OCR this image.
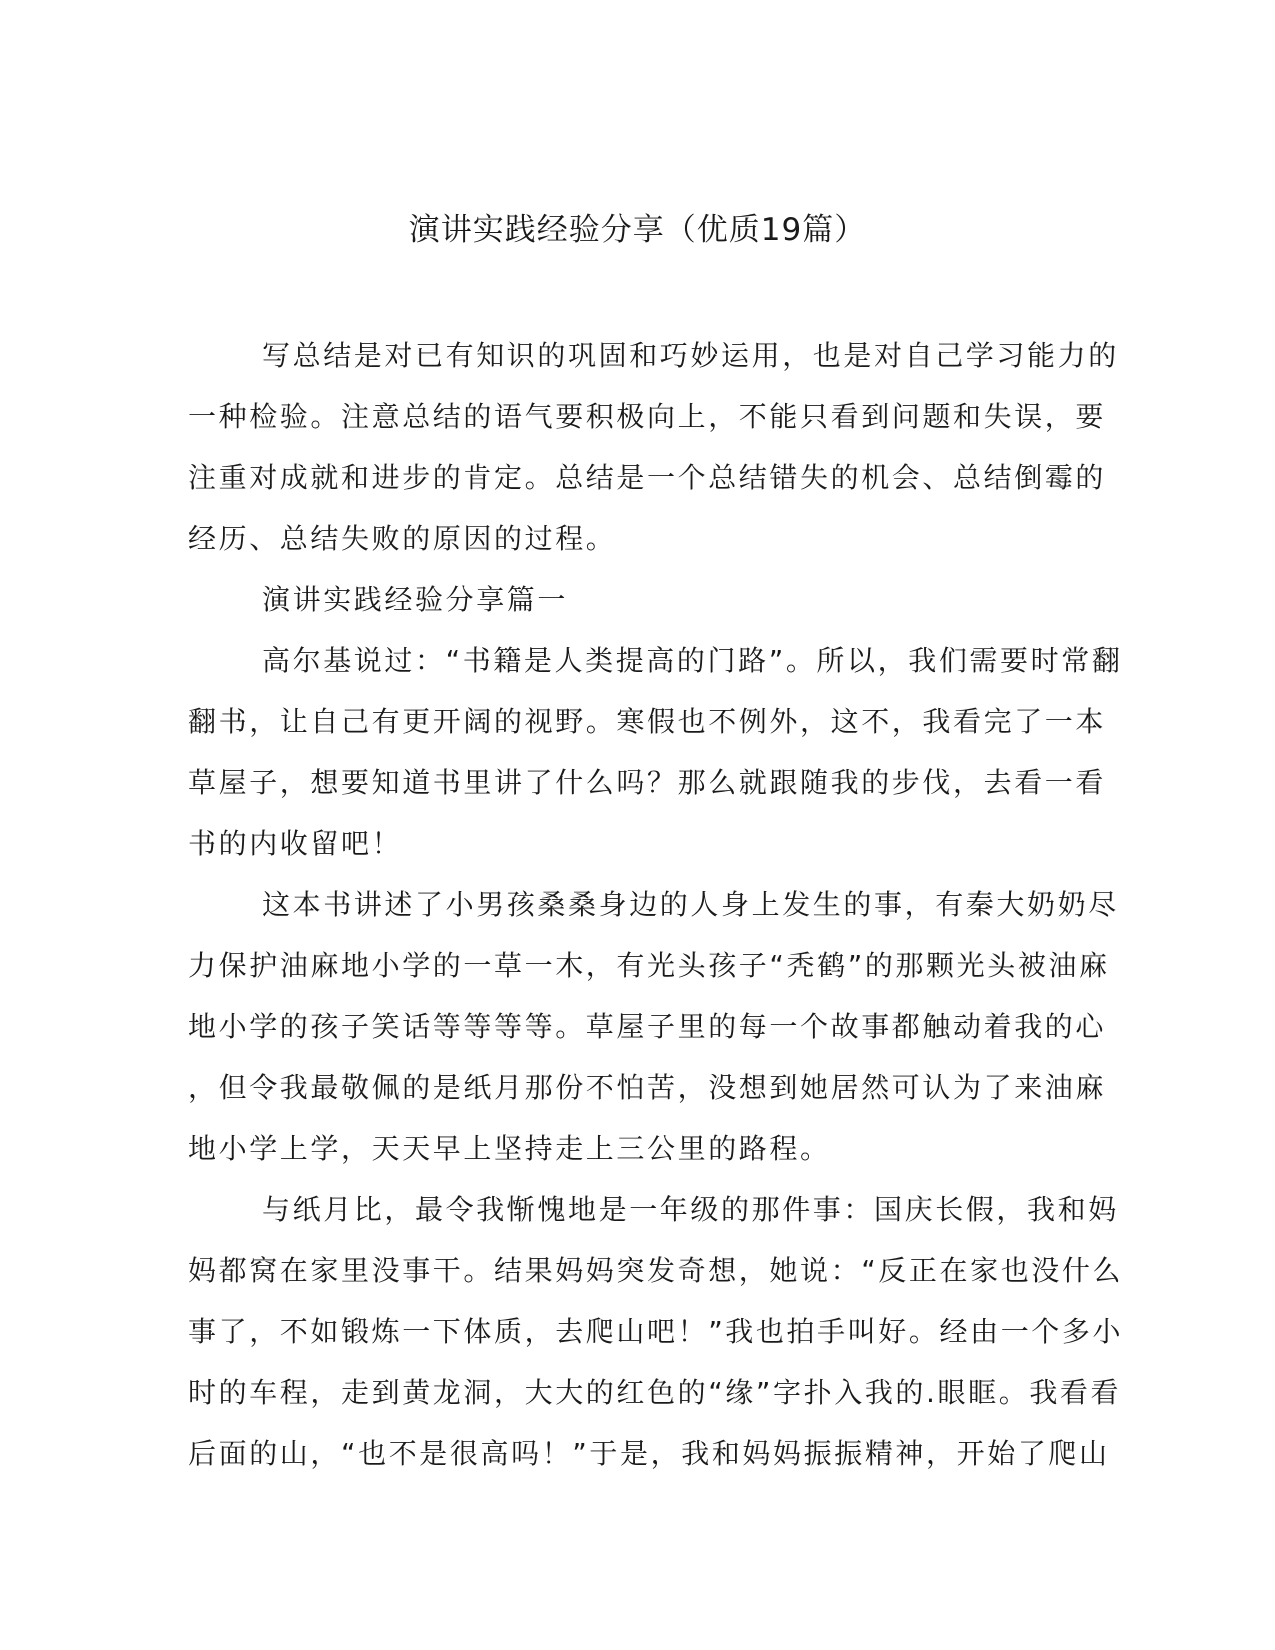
演讲实践经验分享（优质19篇）
写总结是对已有知识的巩固和巧妙运用，也是对自己学习能力的
一种检验。注意总结的语气要积极向上，不能只看到问题和失误，要
注重对成就和进步的肯定。总结是一个总结错失的机会、总结倒霉的
经历、总结失败的原因的过程。
演讲实践经验分享篇一
高尔基说过：“书籍是人类提高的门路”。所以，我们需要时常翻
翻书，让自己有更开阔的视野。寒假也不例外，这不，我看完了一本
草屋子，想要知道书里讲了什么吗？那么就跟随我的步伐，去看一看
书的内收留吧！
这本书讲述了小男孩桑桑身边的人身上发生的事，有秦大奶奶尽
力保护油麻地小学的一草一木，有光头孩子“秃鹤”的那颗光头被油麻
地小学的孩子笑话等等等等。草屋子里的每一个故事都触动着我的心
，但令我最敬佩的是纸月那份不怕苦，没想到她居然可认为了来油麻
地小学上学，天天早上坚持走上三公里的路程。
与纸月比，最令我惭愧地是一年级的那件事：国庆长假，我和妈
妈都窝在家里没事干。结果妈妈突发奇想，她说：“反正在家也没什么
事了，不如锻炼一下体质，去爬山吧！”我也拍手叫好。经由一个多小
时的车程，走到黄龙洞，大大的红色的“缘”字扑入我的.眼眶。我看看
后面的山，“也不是很高吗！”于是，我和妈妈振振精神，开始了爬山
